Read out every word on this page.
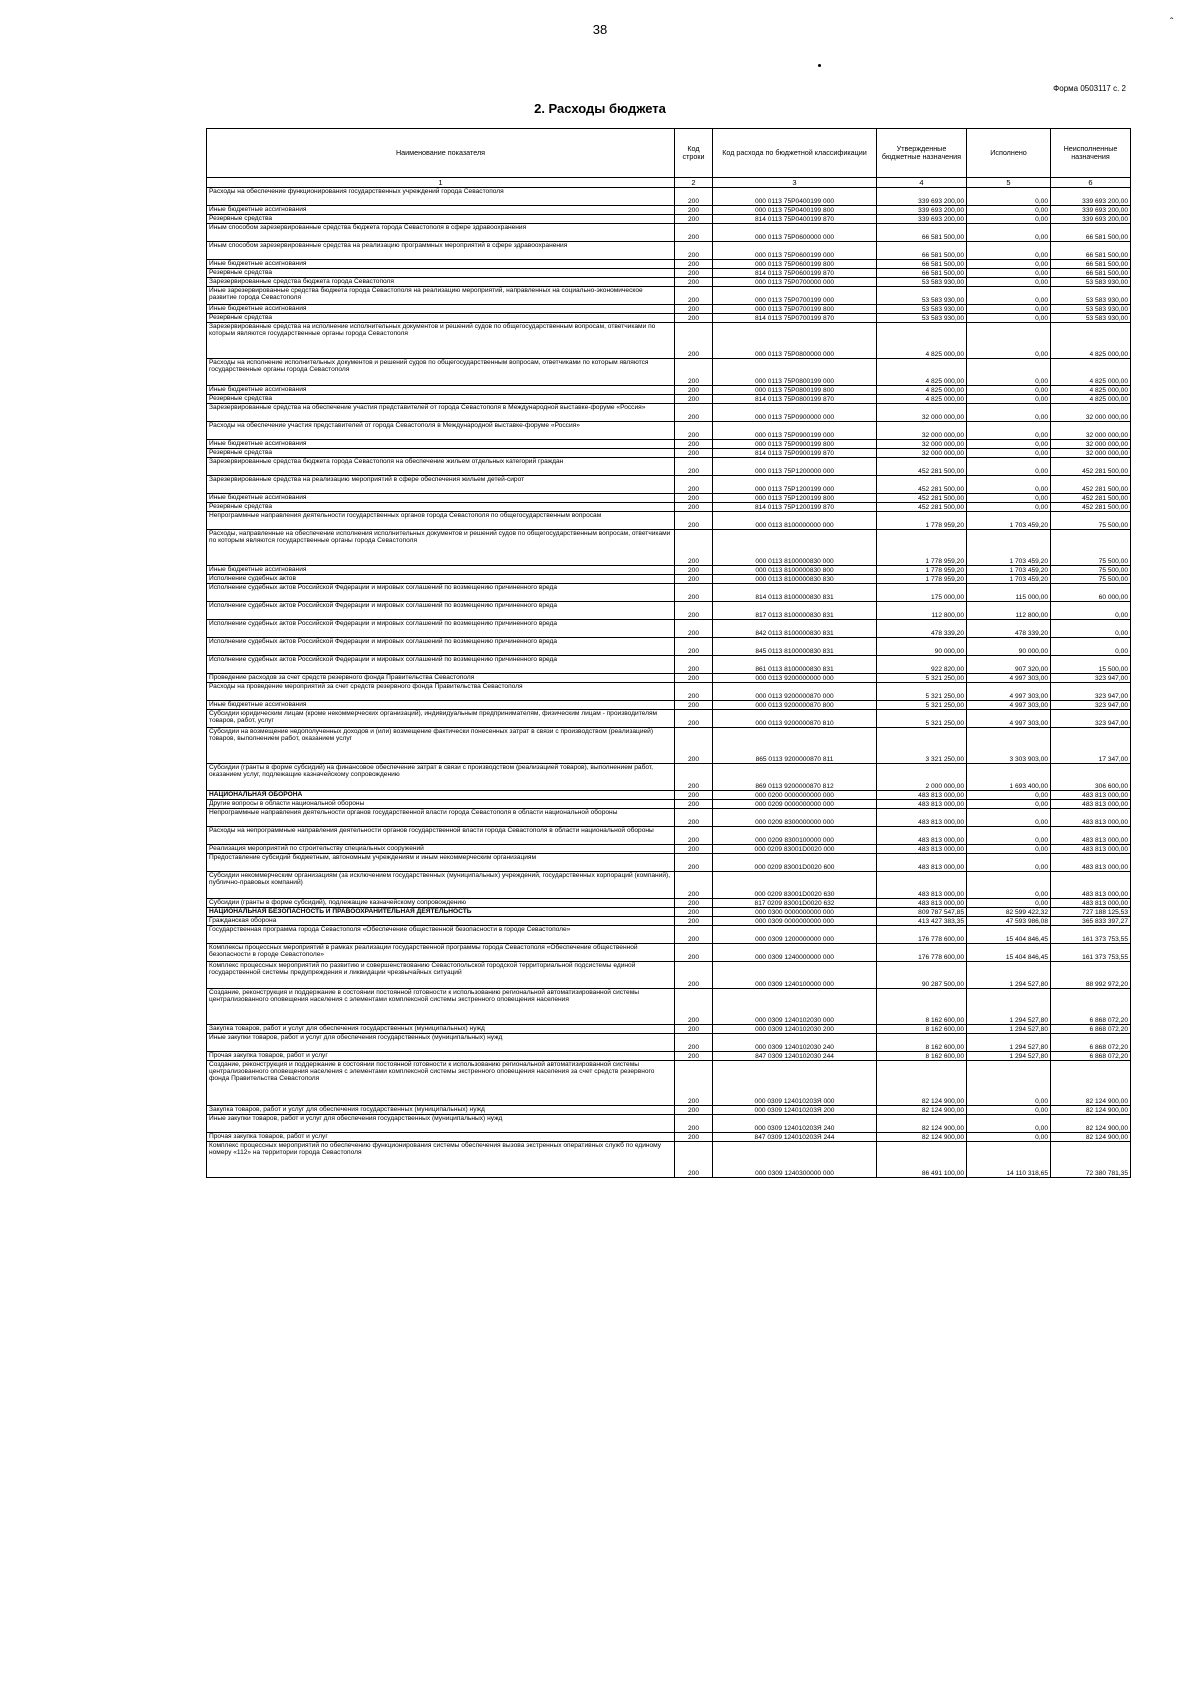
38	ˆ
Форма 0503117 с. 2
2. Расходы бюджета
Наименование показателя	Код строки	Код расхода по бюджетной классификации	Утвержденные бюджетные назначения	Исполнено	Неисполненные назначения
1	2	3	4	5	6
Расходы на обеспечение функционирования государственных учреждений города Севастополя	200	000 0113 75Р0400199 000	339 693 200,00	0,00	339 693 200,00
Иные бюджетные ассигнования	200	000 0113 75Р0400199 800	339 693 200,00	0,00	339 693 200,00
Резервные средства	200	814 0113 75Р0400199 870	339 693 200,00	0,00	339 693 200,00
Иным способом зарезервированные средства бюджета города Севастополя в сфере здравоохранения	200	000 0113 75Р0600000 000	66 581 500,00	0,00	66 581 500,00
Иным способом зарезервированные средства на реализацию программных мероприятий в сфере здравоохранения	200	000 0113 75Р0600199 000	66 581 500,00	0,00	66 581 500,00
Иные бюджетные ассигнования	200	000 0113 75Р0600199 800	66 581 500,00	0,00	66 581 500,00
Резервные средства	200	814 0113 75Р0600199 870	66 581 500,00	0,00	66 581 500,00
Зарезервированные средства бюджета города Севастополя	200	000 0113 75Р0700000 000	53 583 930,00	0,00	53 583 930,00
Иные зарезервированные средства бюджета города Севастополя на реализацию мероприятий, направленных на социально-экономическое развитие города Севастополя	200	000 0113 75Р0700199 000	53 583 930,00	0,00	53 583 930,00
Иные бюджетные ассигнования	200	000 0113 75Р0700199 800	53 583 930,00	0,00	53 583 930,00
Резервные средства	200	814 0113 75Р0700199 870	53 583 930,00	0,00	53 583 930,00
Зарезервированные средства на исполнение исполнительных документов и решений судов по общегосударственным вопросам, ответчиками по которым являются государственные органы города Севастополя	200	000 0113 75Р0800000 000	4 825 000,00	0,00	4 825 000,00
Расходы на исполнение исполнительных документов и решений судов по общегосударственным вопросам, ответчиками по которым являются государственные органы города Севастополя	200	000 0113 75Р0800199 000	4 825 000,00	0,00	4 825 000,00
Иные бюджетные ассигнования	200	000 0113 75Р0800199 800	4 825 000,00	0,00	4 825 000,00
Резервные средства	200	814 0113 75Р0800199 870	4 825 000,00	0,00	4 825 000,00
Зарезервированные средства на обеспечение участия представителей от города Севастополя в Международной выставке-форуме «Россия»	200	000 0113 75Р0900000 000	32 000 000,00	0,00	32 000 000,00
Расходы на обеспечение участия представителей от города Севастополя в Международной выставке-форуме «Россия»	200	000 0113 75Р0900199 000	32 000 000,00	0,00	32 000 000,00
Иные бюджетные ассигнования	200	000 0113 75Р0900199 800	32 000 000,00	0,00	32 000 000,00
Резервные средства	200	814 0113 75Р0900199 870	32 000 000,00	0,00	32 000 000,00
Зарезервированные средства бюджета города Севастополя на обеспечение жильем отдельных категорий граждан	200	000 0113 75Р1200000 000	452 281 500,00	0,00	452 281 500,00
Зарезервированные средства на реализацию мероприятий в сфере обеспечения жильем детей-сирот	200	000 0113 75Р1200199 000	452 281 500,00	0,00	452 281 500,00
Иные бюджетные ассигнования	200	000 0113 75Р1200199 800	452 281 500,00	0,00	452 281 500,00
Резервные средства	200	814 0113 75Р1200199 870	452 281 500,00	0,00	452 281 500,00
Непрограммные направления деятельности государственных органов города Севастополя по общегосударственным вопросам	200	000 0113 8100000000 000	1 778 959,20	1 703 459,20	75 500,00
Расходы, направленные на обеспечение исполнения исполнительных документов и решений судов по общегосударственным вопросам, ответчиками по которым являются государственные органы города Севастополя	200	000 0113 8100000830 000	1 778 959,20	1 703 459,20	75 500,00
Иные бюджетные ассигнования	200	000 0113 8100000830 800	1 778 959,20	1 703 459,20	75 500,00
Исполнение судебных актов	200	000 0113 8100000830 830	1 778 959,20	1 703 459,20	75 500,00
Исполнение судебных актов Российской Федерации и мировых соглашений по возмещению причиненного вреда	200	814 0113 8100000830 831	175 000,00	115 000,00	60 000,00
Исполнение судебных актов Российской Федерации и мировых соглашений по возмещению причиненного вреда	200	817 0113 8100000830 831	112 800,00	112 800,00	0,00
Исполнение судебных актов Российской Федерации и мировых соглашений по возмещению причиненного вреда	200	842 0113 8100000830 831	478 339,20	478 339,20	0,00
Исполнение судебных актов Российской Федерации и мировых соглашений по возмещению причиненного вреда	200	845 0113 8100000830 831	90 000,00	90 000,00	0,00
Исполнение судебных актов Российской Федерации и мировых соглашений по возмещению причиненного вреда	200	861 0113 8100000830 831	922 820,00	907 320,00	15 500,00
Проведение расходов за счет средств резервного фонда Правительства Севастополя	200	000 0113 9200000000 000	5 321 250,00	4 997 303,00	323 947,00
Расходы на проведение мероприятий за счет средств резервного фонда Правительства Севастополя	200	000 0113 9200000870 000	5 321 250,00	4 997 303,00	323 947,00
Иные бюджетные ассигнования	200	000 0113 9200000870 800	5 321 250,00	4 997 303,00	323 947,00
Субсидии юридическим лицам (кроме некоммерческих организаций), индивидуальным предпринимателям, физическим лицам - производителям товаров, работ, услуг	200	000 0113 9200000870 810	5 321 250,00	4 997 303,00	323 947,00
Субсидии на возмещение недополученных доходов и (или) возмещение фактически понесенных затрат в связи с производством (реализацией) товаров, выполнением работ, оказанием услуг	200	865 0113 9200000870 811	3 321 250,00	3 303 903,00	17 347,00
Субсидии (гранты в форме субсидий) на финансовое обеспечение затрат в связи с производством (реализацией товаров), выполнением работ, оказанием услуг, подлежащие казначейскому сопровождению	200	869 0113 9200000870 812	2 000 000,00	1 693 400,00	306 600,00
НАЦИОНАЛЬНАЯ ОБОРОНА	200	000 0200 0000000000 000	483 813 000,00	0,00	483 813 000,00
Другие вопросы в области национальной обороны	200	000 0209 0000000000 000	483 813 000,00	0,00	483 813 000,00
Непрограммные направления деятельности органов государственной власти города Севастополя в области национальной обороны	200	000 0209 8300000000 000	483 813 000,00	0,00	483 813 000,00
Расходы на непрограммные направления деятельности органов государственной власти города Севастополя в области национальной обороны	200	000 0209 8300100000 000	483 813 000,00	0,00	483 813 000,00
Реализация мероприятий по строительству специальных сооружений	200	000 0209 83001D0020 000	483 813 000,00	0,00	483 813 000,00
Предоставление субсидий бюджетным, автономным учреждениям и иным некоммерческим организациям	200	000 0209 83001D0020 600	483 813 000,00	0,00	483 813 000,00
Субсидии некоммерческим организациям (за исключением государственных (муниципальных) учреждений, государственных корпораций (компаний), публично-правовых компаний)	200	000 0209 83001D0020 630	483 813 000,00	0,00	483 813 000,00
Субсидии (гранты в форме субсидий), подлежащие казначейскому сопровождению	200	817 0209 83001D0020 632	483 813 000,00	0,00	483 813 000,00
НАЦИОНАЛЬНАЯ БЕЗОПАСНОСТЬ И ПРАВООХРАНИТЕЛЬНАЯ ДЕЯТЕЛЬНОСТЬ	200	000 0300 0000000000 000	809 787 547,85	82 599 422,32	727 188 125,53
Гражданская оборона	200	000 0309 0000000000 000	413 427 383,35	47 593 986,08	365 833 397,27
Государственная программа города Севастополя «Обеспечение общественной безопасности в городе Севастополе»	200	000 0309 1200000000 000	176 778 600,00	15 404 846,45	161 373 753,55
Комплексы процессных мероприятий в рамках реализации государственной программы города Севастополя «Обеспечение общественной безопасности в городе Севастополе»	200	000 0309 1240000000 000	176 778 600,00	15 404 846,45	161 373 753,55
Комплекс процессных мероприятий по развитию и совершенствованию Севастопольской городской территориальной подсистемы единой государственной системы предупреждения и ликвидации чрезвычайных ситуаций	200	000 0309 1240100000 000	90 287 500,00	1 294 527,80	88 992 972,20
Создание, реконструкция и поддержание в состоянии постоянной готовности к использованию региональной автоматизированной системы централизованного оповещения населения с элементами комплексной системы экстренного оповещения населения	200	000 0309 1240102030 000	8 162 600,00	1 294 527,80	6 868 072,20
Закупка товаров, работ и услуг для обеспечения государственных (муниципальных) нужд	200	000 0309 1240102030 200	8 162 600,00	1 294 527,80	6 868 072,20
Иные закупки товаров, работ и услуг для обеспечения государственных (муниципальных) нужд	200	000 0309 1240102030 240	8 162 600,00	1 294 527,80	6 868 072,20
Прочая закупка товаров, работ и услуг	200	847 0309 1240102030 244	8 162 600,00	1 294 527,80	6 868 072,20
Создание, реконструкция и поддержание в состоянии постоянной готовности к использованию региональной автоматизированной системы централизованного оповещения населения с элементами комплексной системы экстренного оповещения населения за счет средств резервного фонда Правительства Севастополя	200	000 0309 124010203Я 000	82 124 900,00	0,00	82 124 900,00
Закупка товаров, работ и услуг для обеспечения государственных (муниципальных) нужд	200	000 0309 124010203Я 200	82 124 900,00	0,00	82 124 900,00
Иные закупки товаров, работ и услуг для обеспечения государственных (муниципальных) нужд	200	000 0309 124010203Я 240	82 124 900,00	0,00	82 124 900,00
Прочая закупка товаров, работ и услуг	200	847 0309 124010203Я 244	82 124 900,00	0,00	82 124 900,00
Комплекс процессных мероприятий по обеспечению функционирования системы обеспечения вызова экстренных оперативных служб по единому номеру «112» на территории города Севастополя	200	000 0309 1240300000 000	86 491 100,00	14 110 318,65	72 380 781,35
